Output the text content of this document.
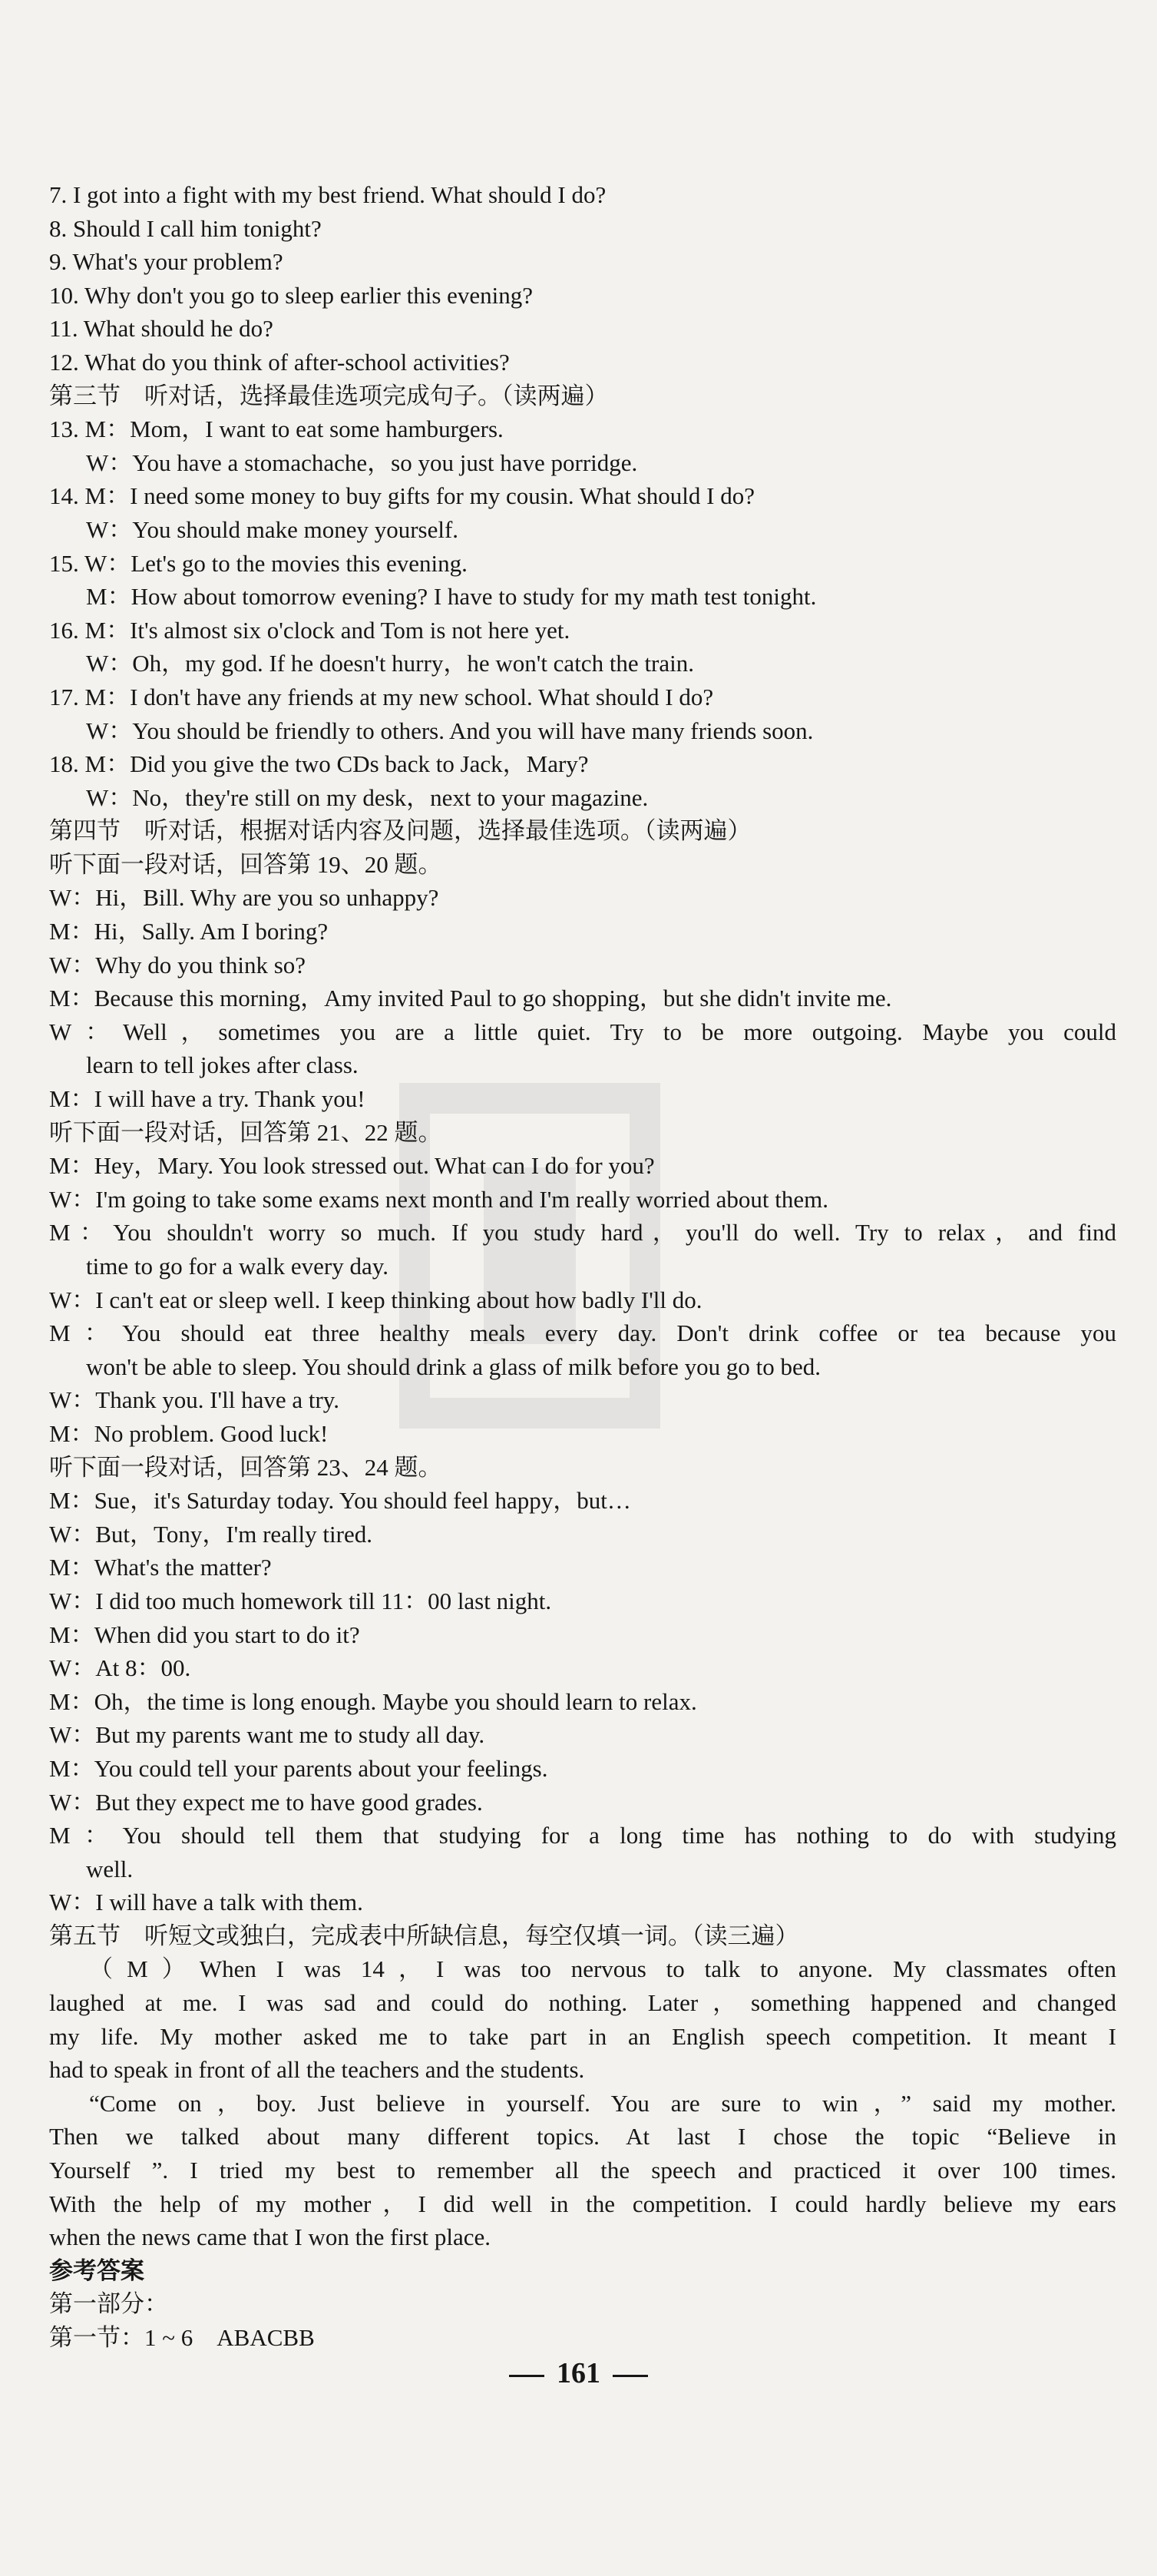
7. I got into a fight with my best friend. What should I do?
8. Should I call him tonight?
9. What's your problem?
10. Why don't you go to sleep earlier this evening?
11. What should he do?
12. What do you think of after-school activities?
第三节　听对话，选择最佳选项完成句子。（读两遍）
13. M：Mom，I want to eat some hamburgers.
W：You have a stomachache，so you just have porridge.
14. M：I need some money to buy gifts for my cousin. What should I do?
W：You should make money yourself.
15. W：Let's go to the movies this evening.
M：How about tomorrow evening? I have to study for my math test tonight.
16. M：It's almost six o'clock and Tom is not here yet.
W：Oh，my god. If he doesn't hurry，he won't catch the train.
17. M：I don't have any friends at my new school. What should I do?
W：You should be friendly to others. And you will have many friends soon.
18. M：Did you give the two CDs back to Jack，Mary?
W：No，they're still on my desk，next to your magazine.
第四节　听对话，根据对话内容及问题，选择最佳选项。（读两遍）
听下面一段对话，回答第 19、20 题。
W：Hi，Bill. Why are you so unhappy?
M：Hi，Sally. Am I boring?
W：Why do you think so?
M：Because this morning，Amy invited Paul to go shopping，but she didn't invite me.
W：Well，sometimes you are a little quiet. Try to be more outgoing. Maybe you could
learn to tell jokes after class.
M：I will have a try. Thank you!
听下面一段对话，回答第 21、22 题。
M：Hey，Mary. You look stressed out. What can I do for you?
W：I'm going to take some exams next month and I'm really worried about them.
M：You shouldn't worry so much. If you study hard，you'll do well. Try to relax，and find
time to go for a walk every day.
W：I can't eat or sleep well. I keep thinking about how badly I'll do.
M：You should eat three healthy meals every day. Don't drink coffee or tea because you
won't be able to sleep. You should drink a glass of milk before you go to bed.
W：Thank you. I'll have a try.
M：No problem. Good luck!
听下面一段对话，回答第 23、24 题。
M：Sue，it's Saturday today. You should feel happy，but…
W：But，Tony，I'm really tired.
M：What's the matter?
W：I did too much homework till 11：00 last night.
M：When did you start to do it?
W：At 8：00.
M：Oh，the time is long enough. Maybe you should learn to relax.
W：But my parents want me to study all day.
M：You could tell your parents about your feelings.
W：But they expect me to have good grades.
M：You should tell them that studying for a long time has nothing to do with studying
well.
W：I will have a talk with them.
第五节　听短文或独白，完成表中所缺信息，每空仅填一词。（读三遍）
（M）When I was 14，I was too nervous to talk to anyone. My classmates often
laughed at me. I was sad and could do nothing. Later，something happened and changed
my life. My mother asked me to take part in an English speech competition. It meant I
had to speak in front of all the teachers and the students.
“Come on，boy. Just believe in yourself. You are sure to win，” said my mother.
Then we talked about many different topics. At last I chose the topic “Believe in
Yourself ”. I tried my best to remember all the speech and practiced it over 100 times.
With the help of my mother，I did well in the competition. I could hardly believe my ears
when the news came that I won the first place.
参考答案
第一部分：
第一节：1 ~ 6　ABACBB
161
